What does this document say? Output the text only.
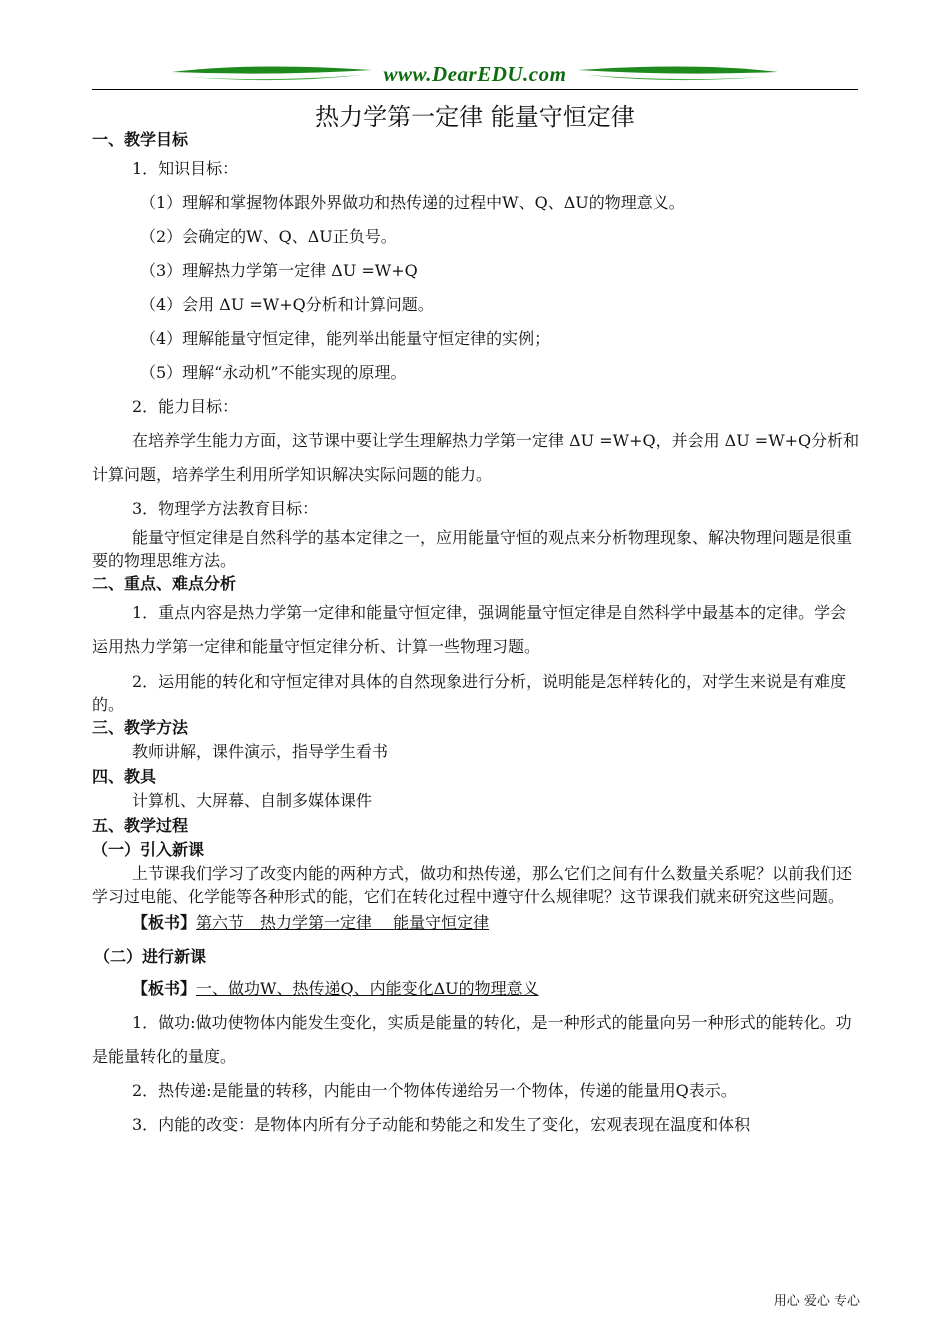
www.DearEDU.com
热力学第一定律 能量守恒定律
一、教学目标
1．知识目标：
（1）理解和掌握物体跟外界做功和热传递的过程中W、Q、ΔU的物理意义。
（2）会确定的W、Q、ΔU正负号。
（3）理解热力学第一定律 ΔU =W+Q
（4）会用 ΔU =W+Q分析和计算问题。
（4）理解能量守恒定律，能列举出能量守恒定律的实例；
（5）理解“永动机”不能实现的原理。
2．能力目标：
在培养学生能力方面，这节课中要让学生理解热力学第一定律 ΔU =W+Q，并会用 ΔU =W+Q分析和计算问题，培养学生利用所学知识解决实际问题的能力。
3．物理学方法教育目标：
能量守恒定律是自然科学的基本定律之一，应用能量守恒的观点来分析物理现象、解决物理问题是很重要的物理思维方法。
二、重点、难点分析
1．重点内容是热力学第一定律和能量守恒定律，强调能量守恒定律是自然科学中最基本的定律。学会运用热力学第一定律和能量守恒定律分析、计算一些物理习题。
2．运用能的转化和守恒定律对具体的自然现象进行分析，说明能是怎样转化的，对学生来说是有难度的。
三、教学方法
教师讲解，课件演示，指导学生看书
四、教具
计算机、大屏幕、自制多媒体课件
五、教学过程
（一）引入新课
上节课我们学习了改变内能的两种方式，做功和热传递，那么它们之间有什么数量关系呢？以前我们还学习过电能、化学能等各种形式的能，它们在转化过程中遵守什么规律呢？这节课我们就来研究这些问题。
【板书】第六节　热力学第一定律　 能量守恒定律
（二）进行新课
【板书】一、做功W、热传递Q、内能变化ΔU的物理意义
1．做功:做功使物体内能发生变化，实质是能量的转化，是一种形式的能量向另一种形式的能转化。功是能量转化的量度。
2．热传递:是能量的转移，内能由一个物体传递给另一个物体，传递的能量用Q表示。
3．内能的改变：是物体内所有分子动能和势能之和发生了变化，宏观表现在温度和体积
用心 爱心 专心
